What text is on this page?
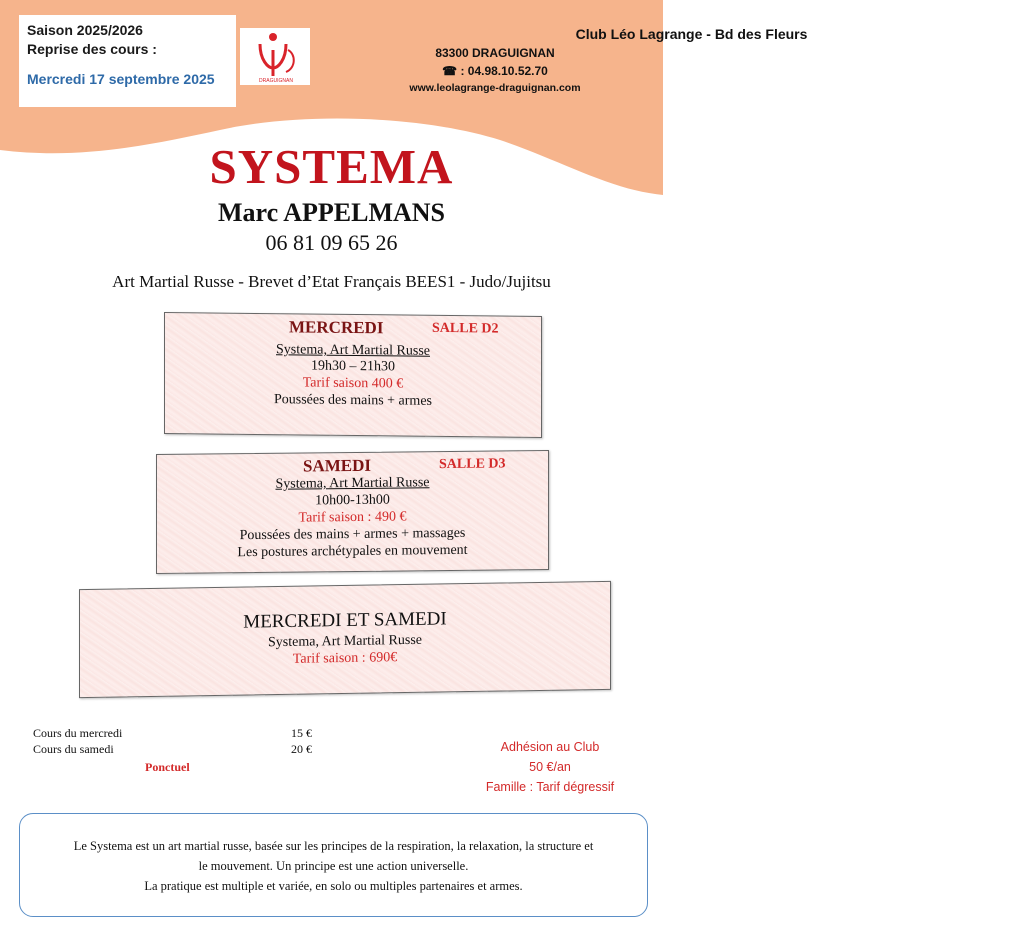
Saison 2025/2026
Reprise des cours :
Mercredi 17 septembre 2025	DRAGUIGNAN
Club Léo Lagrange - Bd des Fleurs
83300 DRAGUIGNAN
☎ : 04.98.10.52.70
www.leolagrange-draguignan.com
SYSTEMA
Marc APPELMANS
06 81 09 65 26
Art Martial Russe - Brevet d’Etat Français BEES1 - Judo/Jujitsu
MERCREDI	SALLE D2
Systema, Art Martial Russe
19h30 – 21h30
Tarif saison 400 €
Poussées des mains + armes
SAMEDI	SALLE D3
Systema, Art Martial Russe
10h00-13h00
Tarif saison : 490 €
Poussées des mains + armes + massages
Les postures archétypales en mouvement
MERCREDI ET SAMEDI
Systema, Art Martial Russe
Tarif saison : 690€
Cours du mercredi	15 €
Cours du samedi	20 €
Ponctuel
Adhésion au Club
50 €/an
Famille : Tarif dégressif
Le Systema est un art martial russe, basée sur les principes de la respiration, la relaxation, la structure et
le mouvement. Un principe est une action universelle.
La pratique est multiple et variée, en solo ou multiples partenaires et armes.
